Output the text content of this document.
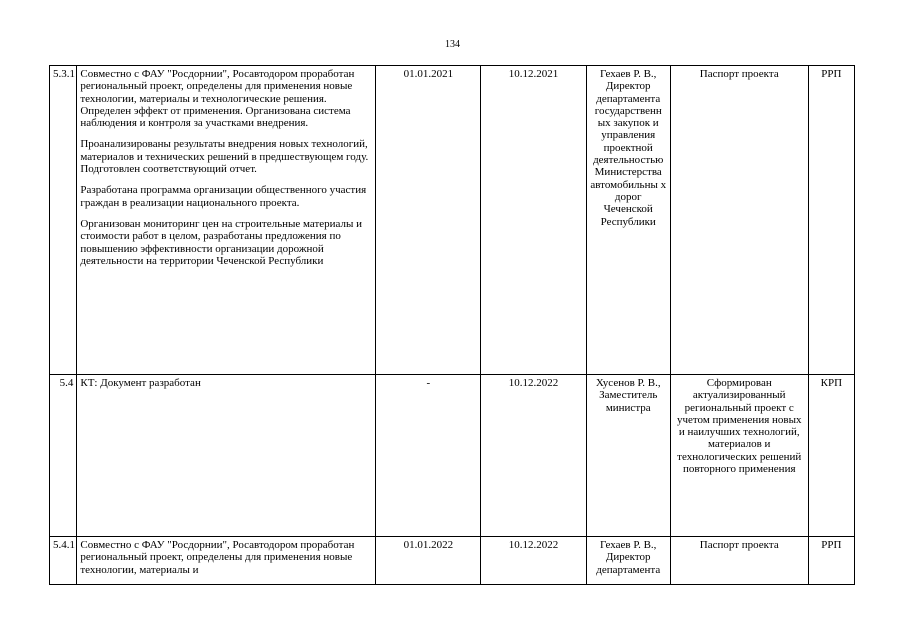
134
5.3.1	Совместно с ФАУ "Росдорнии", Росавтодором проработан региональный проект, определены для применения новые технологии, материалы и технологические решения. Определен эффект от применения. Организована система наблюдения и контроля за участками внедрения.

Проанализированы результаты внедрения новых технологий, материалов и технических решений в предшествующем году. Подготовлен соответствующий отчет.

Разработана программа организации общественного участия граждан в реализации национального проекта.

Организован мониторинг цен на строительные материалы и стоимости работ в целом, разработаны предложения по повышению эффективности организации дорожной деятельности на территории Чеченской Республики	01.01.2021	10.12.2021	Гехаев Р. В., Директор департамента государственн ых закупок и управления проектной деятельностью Министерства автомобильны х дорог Чеченской Республики	Паспорт проекта	РРП
5.4	КТ: Документ разработан	-	10.12.2022	Хусенов Р. В., Заместитель министра	Сформирован актуализированный региональный проект с учетом применения новых и наилучших технологий, материалов и технологических решений повторного применения	КРП
5.4.1	Совместно с ФАУ "Росдорнии", Росавтодором проработан региональный проект, определены для применения новые технологии, материалы и	01.01.2022	10.12.2022	Гехаев Р. В., Директор департамента	Паспорт проекта	РРП
